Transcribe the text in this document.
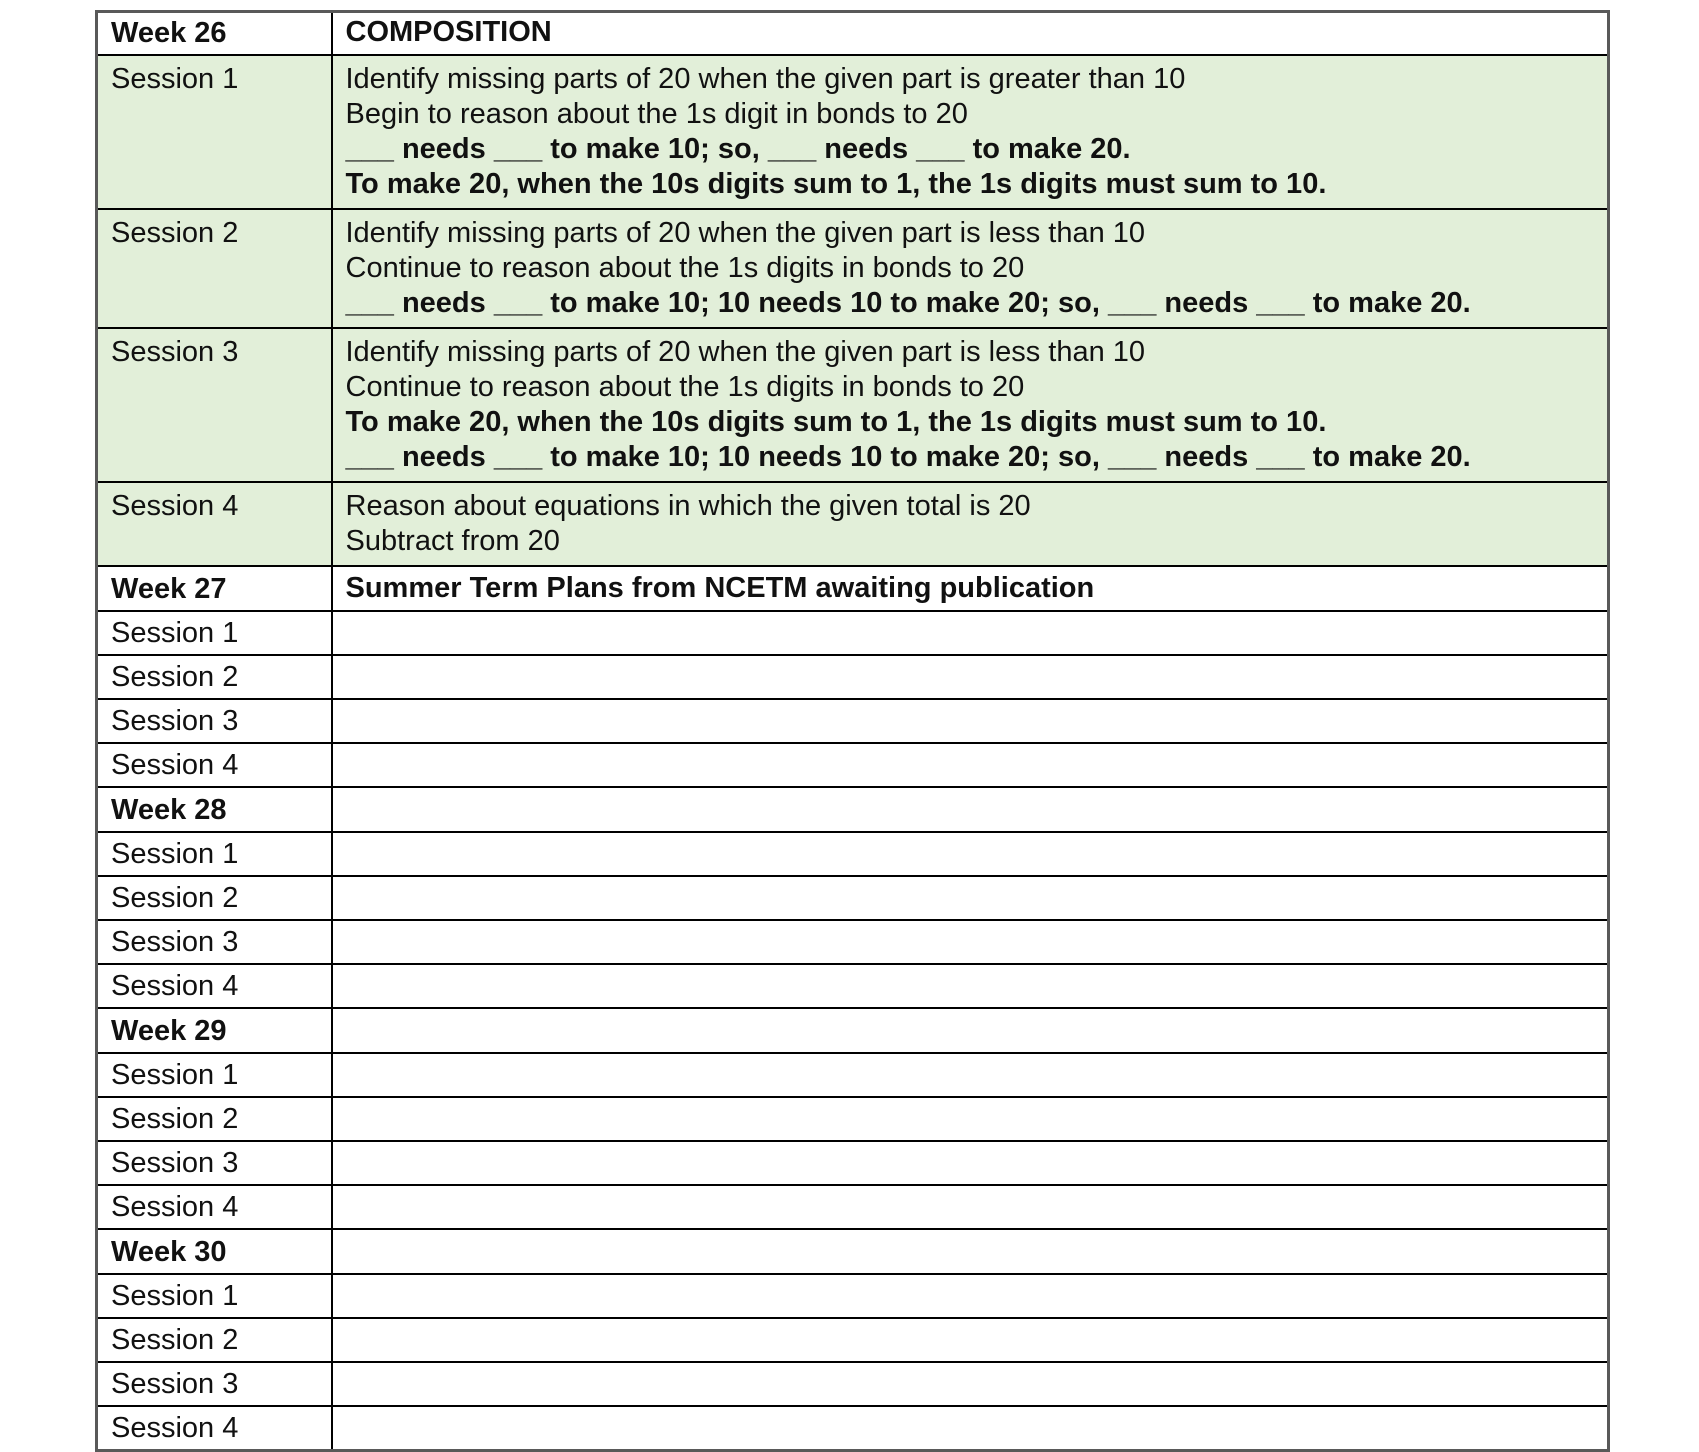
Week 26	COMPOSITION
Session 1	Identify missing parts of 20 when the given part is greater than 10
Begin to reason about the 1s digit in bonds to 20
___ needs ___ to make 10; so, ___ needs ___ to make 20.
To make 20, when the 10s digits sum to 1, the 1s digits must sum to 10.

Session 2	Identify missing parts of 20 when the given part is less than 10
Continue to reason about the 1s digits in bonds to 20
___ needs ___ to make 10; 10 needs 10 to make 20; so, ___ needs ___ to make 20.

Session 3	Identify missing parts of 20 when the given part is less than 10
Continue to reason about the 1s digits in bonds to 20
To make 20, when the 10s digits sum to 1, the 1s digits must sum to 10.
___ needs ___ to make 10; 10 needs 10 to make 20; so, ___ needs ___ to make 20.

Session 4	Reason about equations in which the given total is 20
Subtract from 20

Week 27	Summer Term Plans from NCETM awaiting publication
Session 1	
Session 2	
Session 3	
Session 4	
Week 28	
Session 1	
Session 2	
Session 3	
Session 4	
Week 29	
Session 1	
Session 2	
Session 3	
Session 4	
Week 30	
Session 1	
Session 2	
Session 3	
Session 4	
